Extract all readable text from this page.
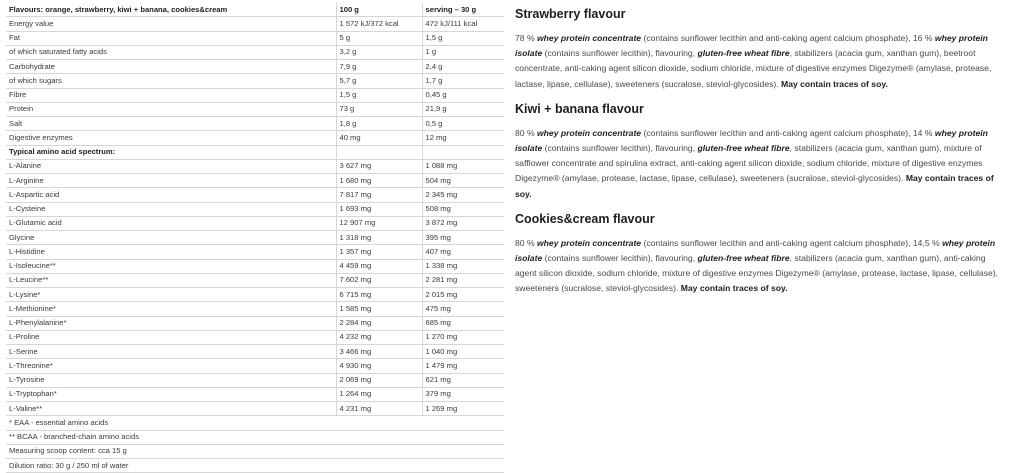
Flavours: orange, strawberry, kiwi + banana, cookies&cream	100 g	serving – 30 g
Energy value	1 572 kJ/372 kcal	472 kJ/111 kcal
Fat	5 g	1,5 g
of which saturated fatty acids	3,2 g	1 g
Carbohydrate	7,9 g	2,4 g
of which sugars	5,7 g	1,7 g
Fibre	1,5 g	0,45 g
Protein	73 g	21,9 g
Salt	1,8 g	0,5 g
Digestive enzymes	40 mg	12 mg
Typical amino acid spectrum:		
L-Alanine	3 627 mg	1 088 mg
L-Arginine	1 680 mg	504 mg
L-Aspartic acid	7 817 mg	2 345 mg
L-Cysteine	1 693 mg	508 mg
L-Glutamic acid	12 907 mg	3 872 mg
Glycine	1 318 mg	395 mg
L-Histidine	1 357 mg	407 mg
L-Isoleucine**	4 459 mg	1 338 mg
L-Leucine**	7 602 mg	2 281 mg
L-Lysine*	6 715 mg	2 015 mg
L-Methionine*	1 585 mg	475 mg
L-Phenylalanine*	2 284 mg	685 mg
L-Proline	4 232 mg	1 270 mg
L-Serine	3 466 mg	1 040 mg
L-Threonine*	4 930 mg	1 479 mg
L-Tyrosine	2 069 mg	621 mg
L-Tryptophan*	1 264 mg	379 mg
L-Valine**	4 231 mg	1 269 mg
* EAA - essential amino acids		
** BCAA - branched-chain amino acids		
Measuring scoop content: cca 15 g		
Dilution ratio: 30 g / 250 ml of water		
Strawberry flavour

78 % whey protein concentrate (contains sunflower lecithin and anti-caking agent calcium phosphate), 16 % whey protein isolate (contains sunflower lecithin), flavouring, gluten-free wheat fibre, stabilizers (acacia gum, xanthan gum), beetroot concentrate, anti-caking agent silicon dioxide, sodium chloride, mixture of digestive enzymes Digezyme® (amylase, protease, lactase, lipase, cellulase), sweeteners (sucralose, steviol-glycosides). May contain traces of soy.

Kiwi + banana flavour

80 % whey protein concentrate (contains sunflower lecithin and anti-caking agent calcium phosphate), 14 % whey protein isolate (contains sunflower lecithin), flavouring, gluten-free wheat fibre, stabilizers (acacia gum, xanthan gum), mixture of safflower concentrate and spirulina extract, anti-caking agent silicon dioxide, sodium chloride, mixture of digestive enzymes Digezyme® (amylase, protease, lactase, lipase, cellulase), sweeteners (sucralose, steviol-glycosides). May contain traces of soy.

Cookies&cream flavour

80 % whey protein concentrate (contains sunflower lecithin and anti-caking agent calcium phosphate), 14,5 % whey protein isolate (contains sunflower lecithin), flavouring, gluten-free wheat fibre, stabilizers (acacia gum, xanthan gum), anti-caking agent silicon dioxide, sodium chloride, mixture of digestive enzymes Digezyme® (amylase, protease, lactase, lipase, cellulase), sweeteners (sucralose, steviol-glycosides). May contain traces of soy.
